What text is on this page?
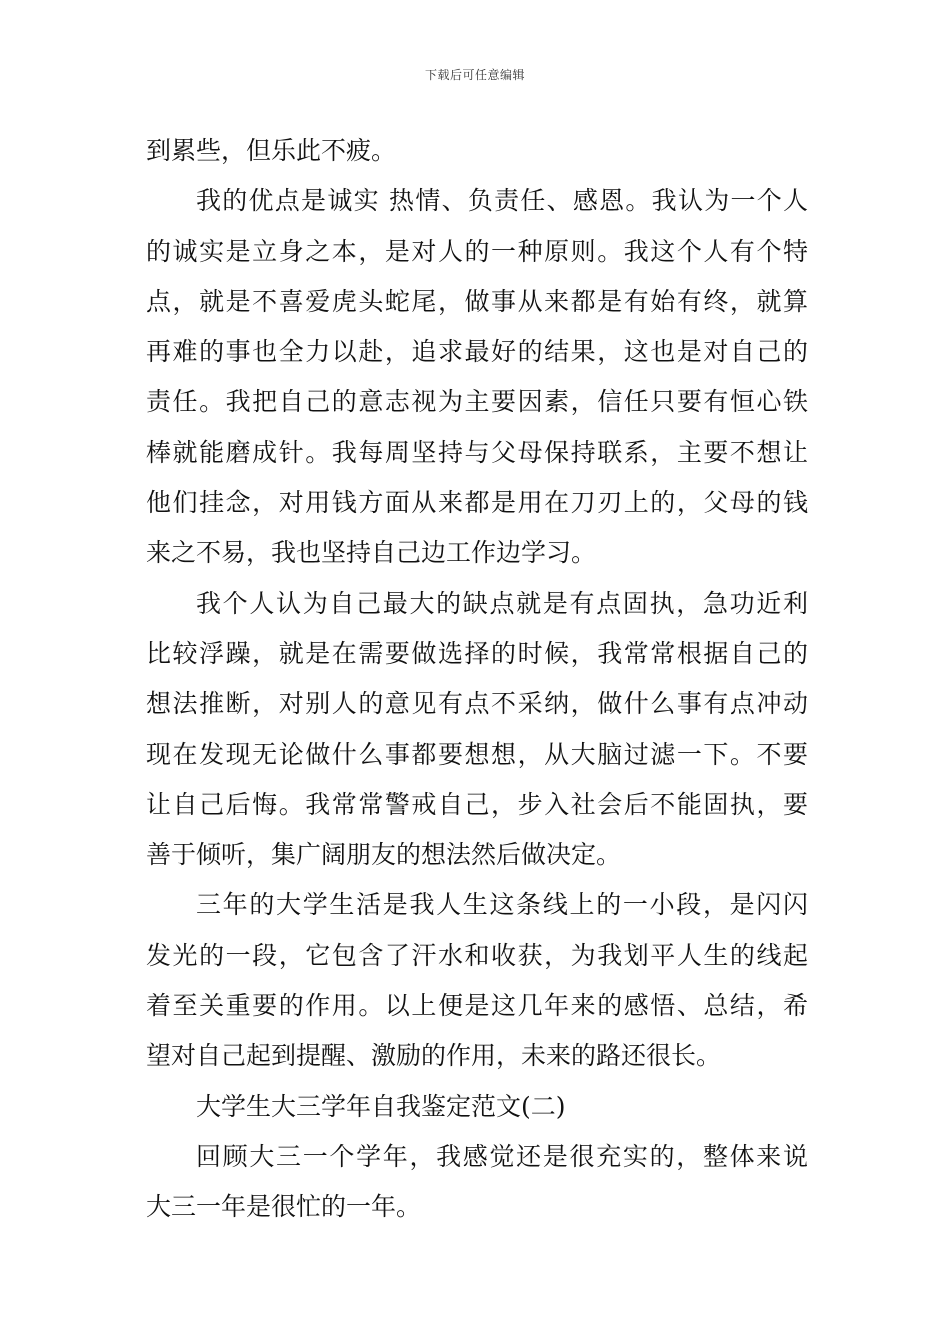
下载后可任意编辑
到累些，但乐此不疲。
我的优点是诚实 热情、负责任、感恩。我认为一个人
的诚实是立身之本，是对人的一种原则。我这个人有个特
点，就是不喜爱虎头蛇尾，做事从来都是有始有终，就算
再难的事也全力以赴，追求最好的结果，这也是对自己的
责任。我把自己的意志视为主要因素，信任只要有恒心铁
棒就能磨成针。我每周坚持与父母保持联系，主要不想让
他们挂念，对用钱方面从来都是用在刀刃上的，父母的钱
来之不易，我也坚持自己边工作边学习。
我个人认为自己最大的缺点就是有点固执，急功近利
比较浮躁，就是在需要做选择的时候，我常常根据自己的
想法推断，对别人的意见有点不采纳，做什么事有点冲动
现在发现无论做什么事都要想想，从大脑过滤一下。不要
让自己后悔。我常常警戒自己，步入社会后不能固执，要
善于倾听，集广阔朋友的想法然后做决定。
三年的大学生活是我人生这条线上的一小段，是闪闪
发光的一段，它包含了汗水和收获，为我划平人生的线起
着至关重要的作用。以上便是这几年来的感悟、总结，希
望对自己起到提醒、激励的作用，未来的路还很长。
大学生大三学年自我鉴定范文(二)
回顾大三一个学年，我感觉还是很充实的，整体来说
大三一年是很忙的一年。
